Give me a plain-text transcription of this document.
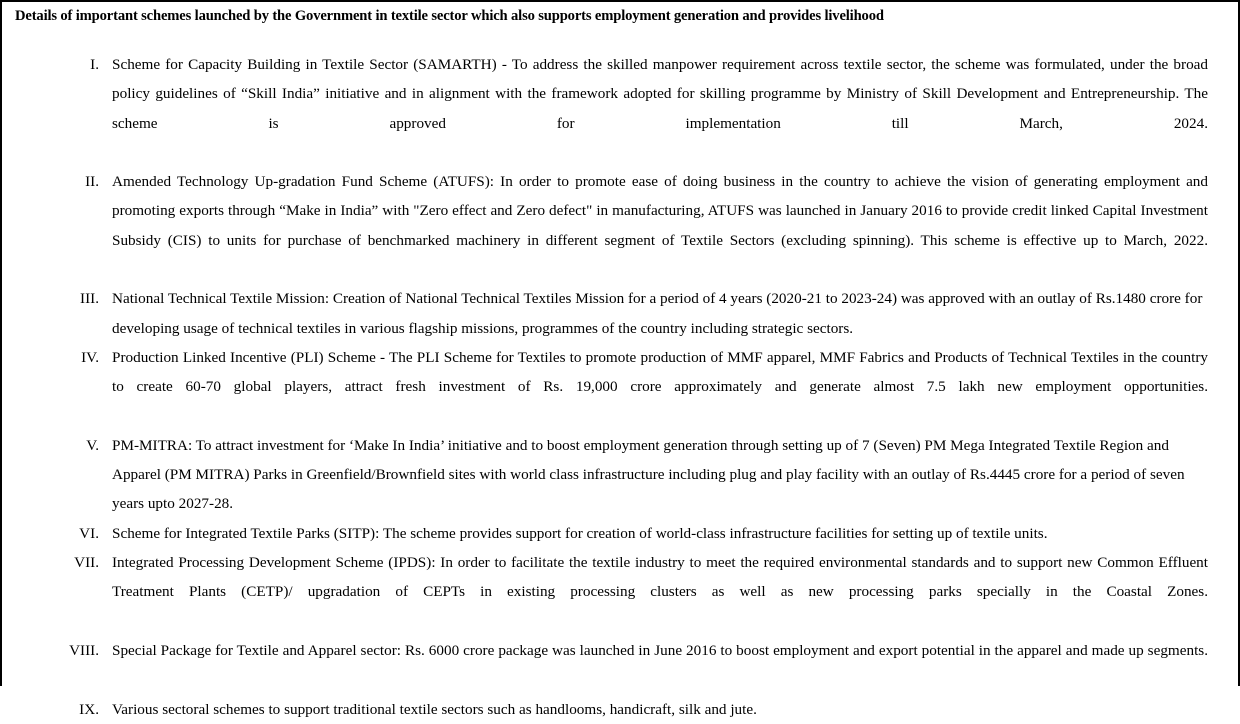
Details of important schemes launched by the Government in textile sector which also supports employment generation and provides livelihood
I. Scheme for Capacity Building in Textile Sector (SAMARTH) - To address the skilled manpower requirement across textile sector, the scheme was formulated, under the broad policy guidelines of “Skill India” initiative and in alignment with the framework adopted for skilling programme by Ministry of Skill Development and Entrepreneurship. The scheme is approved for implementation till March, 2024.
II. Amended Technology Up-gradation Fund Scheme (ATUFS): In order to promote ease of doing business in the country to achieve the vision of generating employment and promoting exports through “Make in India” with "Zero effect and Zero defect" in manufacturing, ATUFS was launched in January 2016 to provide credit linked Capital Investment Subsidy (CIS) to units for purchase of benchmarked machinery in different segment of Textile Sectors (excluding spinning). This scheme is effective up to March, 2022.
III. National Technical Textile Mission: Creation of National Technical Textiles Mission for a period of 4 years (2020-21 to 2023-24) was approved with an outlay of Rs.1480 crore for developing usage of technical textiles in various flagship missions, programmes of the country including strategic sectors.
IV. Production Linked Incentive (PLI) Scheme - The PLI Scheme for Textiles to promote production of MMF apparel, MMF Fabrics and Products of Technical Textiles in the country to create 60-70 global players, attract fresh investment of Rs. 19,000 crore approximately and generate almost 7.5 lakh new employment opportunities.
V. PM-MITRA: To attract investment for ‘Make In India’ initiative and to boost employment generation through setting up of 7 (Seven) PM Mega Integrated Textile Region and Apparel (PM MITRA) Parks in Greenfield/Brownfield sites with world class infrastructure including plug and play facility with an outlay of Rs.4445 crore for a period of seven years upto 2027-28.
VI. Scheme for Integrated Textile Parks (SITP): The scheme provides support for creation of world-class infrastructure facilities for setting up of textile units.
VII. Integrated Processing Development Scheme (IPDS): In order to facilitate the textile industry to meet the required environmental standards and to support new Common Effluent Treatment Plants (CETP)/ upgradation of CEPTs in existing processing clusters as well as new processing parks specially in the Coastal Zones.
VIII. Special Package for Textile and Apparel sector: Rs. 6000 crore package was launched in June 2016 to boost employment and export potential in the apparel and made up segments.
IX. Various sectoral schemes to support traditional textile sectors such as handlooms, handicraft, silk and jute.
